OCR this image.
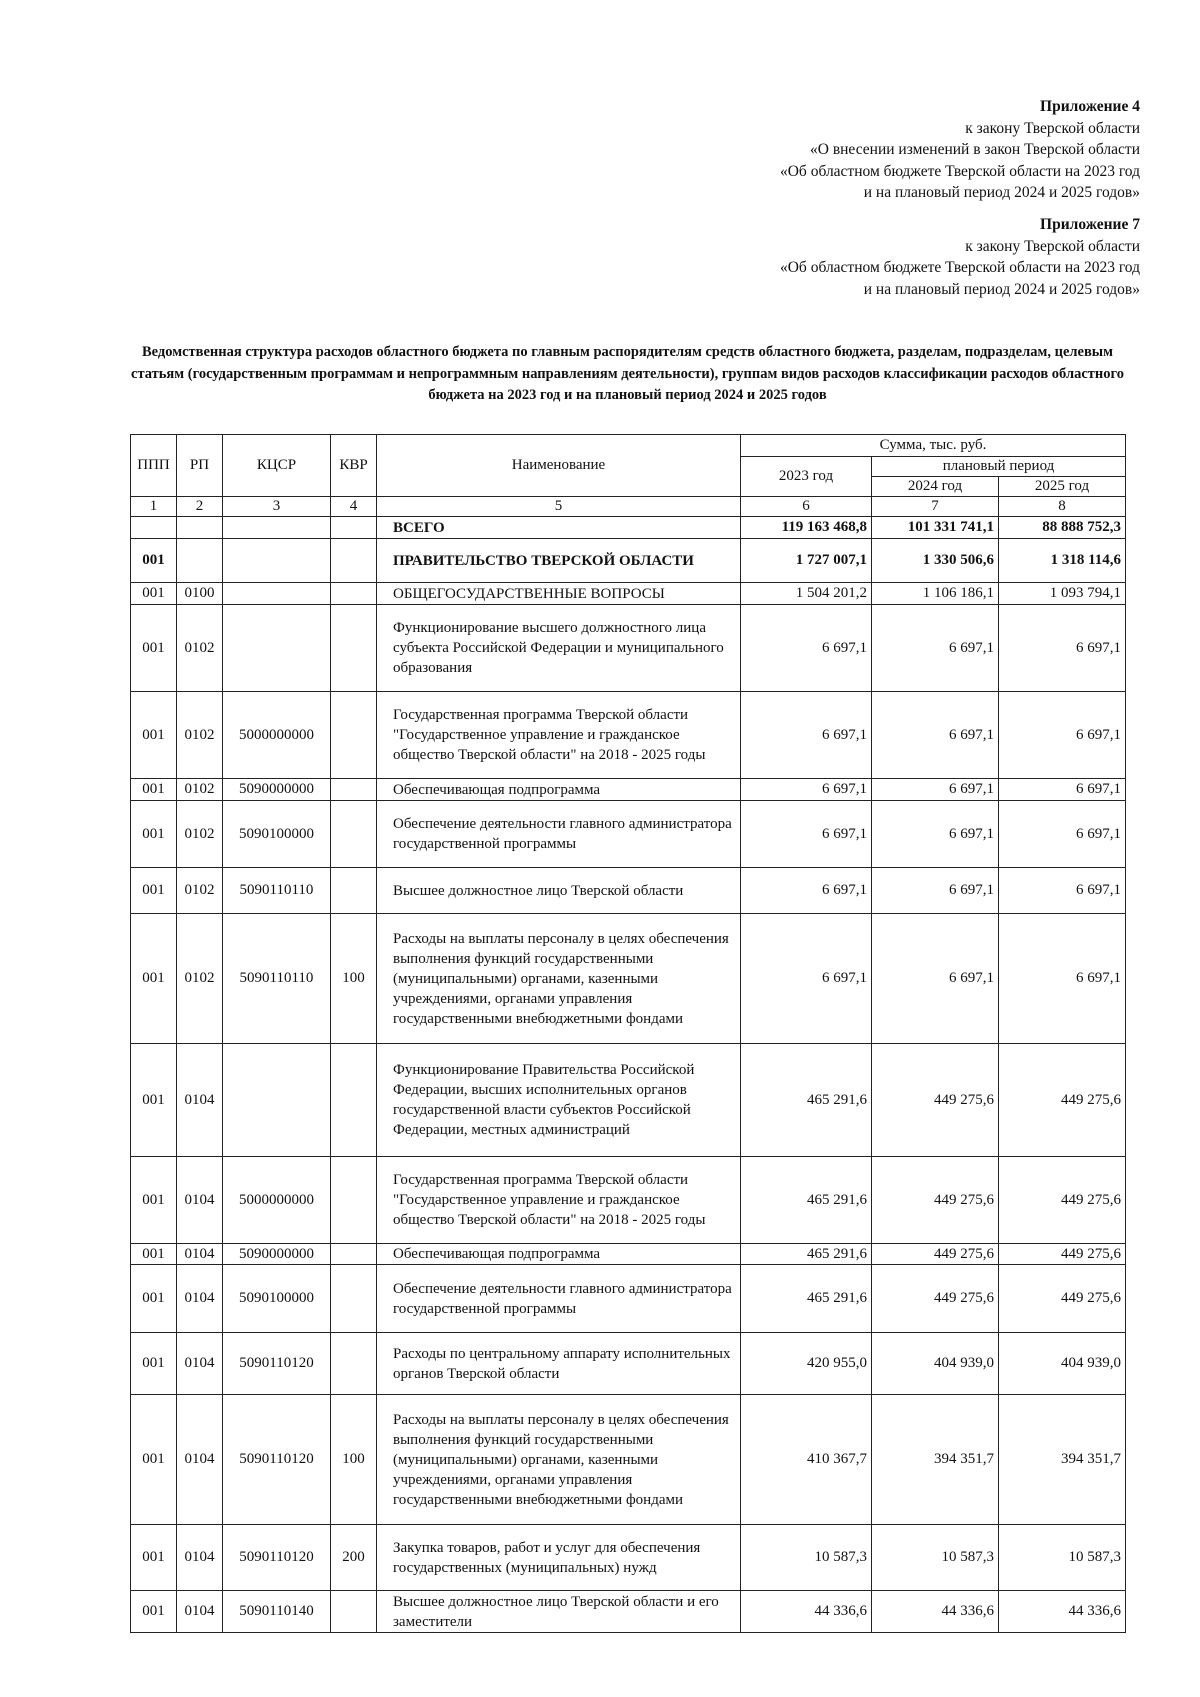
Приложение 4
к закону Тверской области
«О внесении изменений в закон Тверской области
«Об областном бюджете Тверской области на 2023 год
и на плановый период 2024 и 2025 годов»
Приложение 7
к закону Тверской области
«Об областном бюджете Тверской области на 2023 год
и на плановый период 2024 и 2025 годов»
Ведомственная структура расходов областного бюджета по главным распорядителям средств областного бюджета, разделам, подразделам, целевым статьям (государственным программам и непрограммным направлениям деятельности), группам видов расходов классификации расходов областного бюджета на 2023 год и на плановый период 2024 и 2025 годов
ППП	РП	КЦСР	КВР	Наименование	Сумма, тыс. руб.		
					2023 год	плановый период	
						2024 год	2025 год
1	2	3	4	5	6	7	8
				ВСЕГО	119 163 468,8	101 331 741,1	88 888 752,3
001				ПРАВИТЕЛЬСТВО ТВЕРСКОЙ ОБЛАСТИ	1 727 007,1	1 330 506,6	1 318 114,6
001	0100			ОБЩЕГОСУДАРСТВЕННЫЕ ВОПРОСЫ	1 504 201,2	1 106 186,1	1 093 794,1
001	0102			Функционирование высшего должностного лица субъекта Российской Федерации и муниципального образования	6 697,1	6 697,1	6 697,1
001	0102	5000000000		Государственная программа Тверской области "Государственное управление и гражданское общество Тверской области" на 2018 - 2025 годы	6 697,1	6 697,1	6 697,1
001	0102	5090000000		Обеспечивающая подпрограмма	6 697,1	6 697,1	6 697,1
001	0102	5090100000		Обеспечение деятельности главного администратора государственной программы	6 697,1	6 697,1	6 697,1
001	0102	5090110110		Высшее должностное лицо Тверской области	6 697,1	6 697,1	6 697,1
001	0102	5090110110	100	Расходы на выплаты персоналу в целях обеспечения выполнения функций государственными (муниципальными) органами, казенными учреждениями, органами управления государственными внебюджетными фондами	6 697,1	6 697,1	6 697,1
001	0104			Функционирование Правительства Российской Федерации, высших исполнительных органов государственной власти субъектов Российской Федерации, местных администраций	465 291,6	449 275,6	449 275,6
001	0104	5000000000		Государственная программа Тверской области "Государственное управление и гражданское общество Тверской области" на 2018 - 2025 годы	465 291,6	449 275,6	449 275,6
001	0104	5090000000		Обеспечивающая подпрограмма	465 291,6	449 275,6	449 275,6
001	0104	5090100000		Обеспечение деятельности главного администратора государственной программы	465 291,6	449 275,6	449 275,6
001	0104	5090110120		Расходы по центральному аппарату исполнительных органов Тверской области	420 955,0	404 939,0	404 939,0
001	0104	5090110120	100	Расходы на выплаты персоналу в целях обеспечения выполнения функций государственными (муниципальными) органами, казенными учреждениями, органами управления государственными внебюджетными фондами	410 367,7	394 351,7	394 351,7
001	0104	5090110120	200	Закупка товаров, работ и услуг для обеспечения государственных (муниципальных) нужд	10 587,3	10 587,3	10 587,3
001	0104	5090110140		Высшее должностное лицо Тверской области и его заместители	44 336,6	44 336,6	44 336,6
